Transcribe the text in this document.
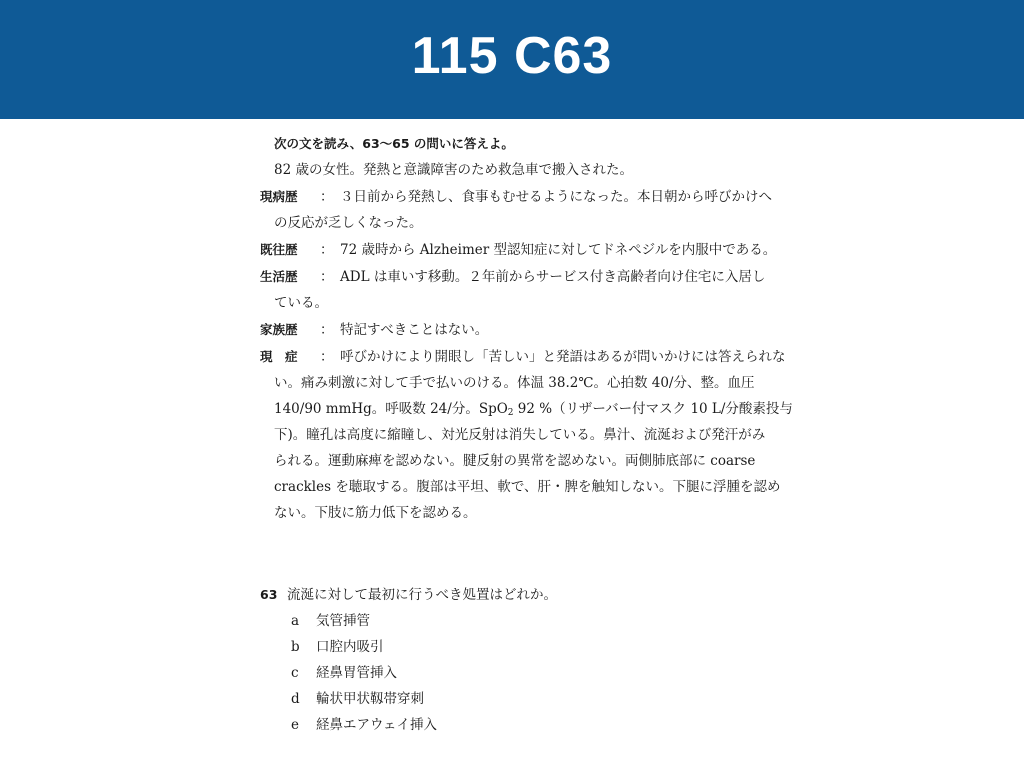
115 C63
次の文を読み、63〜65 の問いに答えよ。
82 歳の女性。発熱と意識障害のため救急車で搬入された。
現病歴 ： ３日前から発熱し、食事もむせるようになった。本日朝から呼びかけへ
の反応が乏しくなった。
既往歴 ： 72 歳時から Alzheimer 型認知症に対してドネペジルを内服中である。
生活歴 ： ADL は車いす移動。２年前からサービス付き高齢者向け住宅に入居し
ている。
家族歴 ： 特記すべきことはない。
現　症 ： 呼びかけにより開眼し「苦しい」と発語はあるが問いかけには答えられな
い。痛み刺激に対して手で払いのける。体温 38.2℃。心拍数 40/分、整。血圧
140/90 mmHg。呼吸数 24/分。SpO$_2$ 92 %（リザーバー付マスク 10 L/分酸素投与
下)。瞳孔は高度に縮瞳し、対光反射は消失している。鼻汁、流涎および発汗がみ
られる。運動麻痺を認めない。腱反射の異常を認めない。両側肺底部に coarse
crackles を聴取する。腹部は平坦、軟で、肝・脾を触知しない。下腿に浮腫を認め
ない。下肢に筋力低下を認める。
63 流涎に対して最初に行うべき処置はどれか。
a 気管挿管
b 口腔内吸引
c 経鼻胃管挿入
d 輪状甲状靱帯穿刺
e 経鼻エアウェイ挿入
